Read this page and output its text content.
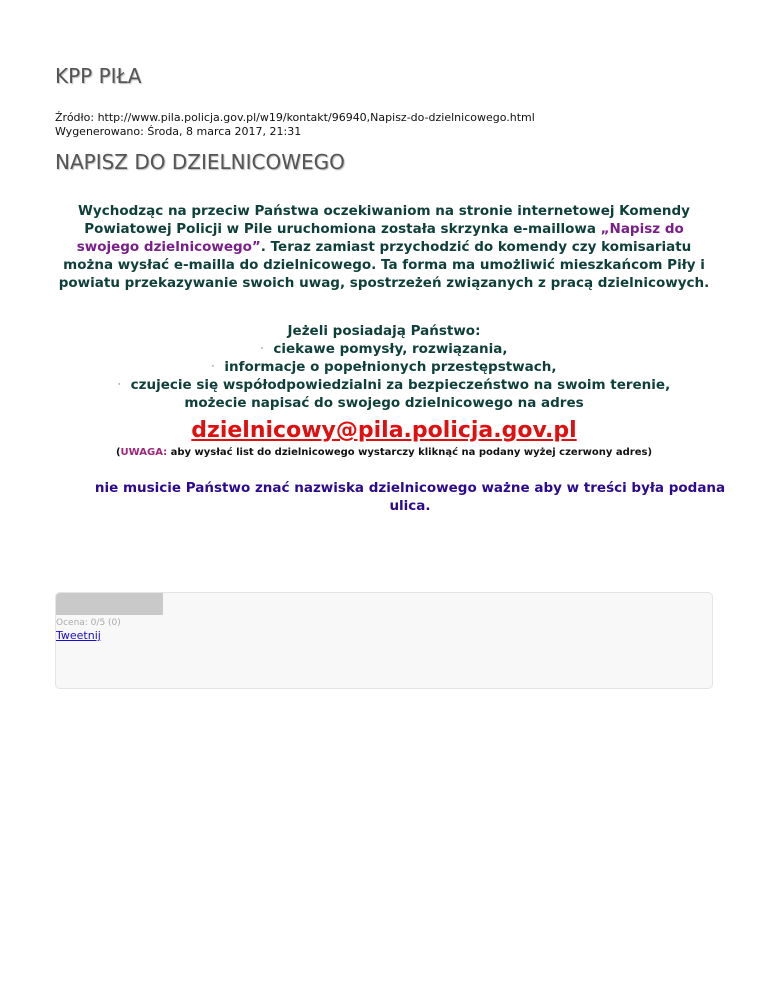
KPP PIŁA
Źródło: http://www.pila.policja.gov.pl/w19/kontakt/96940,Napisz-do-dzielnicowego.html
Wygenerowano: Środa, 8 marca 2017, 21:31
NAPISZ DO DZIELNICOWEGO
Wychodząc na przeciw Państwa oczekiwaniom na stronie internetowej Komendy Powiatowej Policji w Pile uruchomiona została skrzynka e-maillowa „Napisz do swojego dzielnicowego”. Teraz zamiast przychodzić do komendy czy komisariatu można wysłać e-mailla do dzielnicowego. Ta forma ma umożliwić mieszkańcom Piły i powiatu przekazywanie swoich uwag, spostrzeżeń związanych z pracą dzielnicowych.
Jeżeli posiadają Państwo:
· ciekawe pomysły, rozwiązania,
· informacje o popełnionych przestępstwach,
· czujecie się współodpowiedzialni za bezpieczeństwo na swoim terenie,
możecie napisać do swojego dzielnicowego na adres
dzielnicowy@pila.policja.gov.pl
(UWAGA: aby wysłać list do dzielnicowego wystarczy kliknąć na podany wyżej czerwony adres)
nie musicie Państwo znać nazwiska dzielnicowego ważne aby w treści była podana ulica.
Ocena: 0/5 (0)
Tweetnij
